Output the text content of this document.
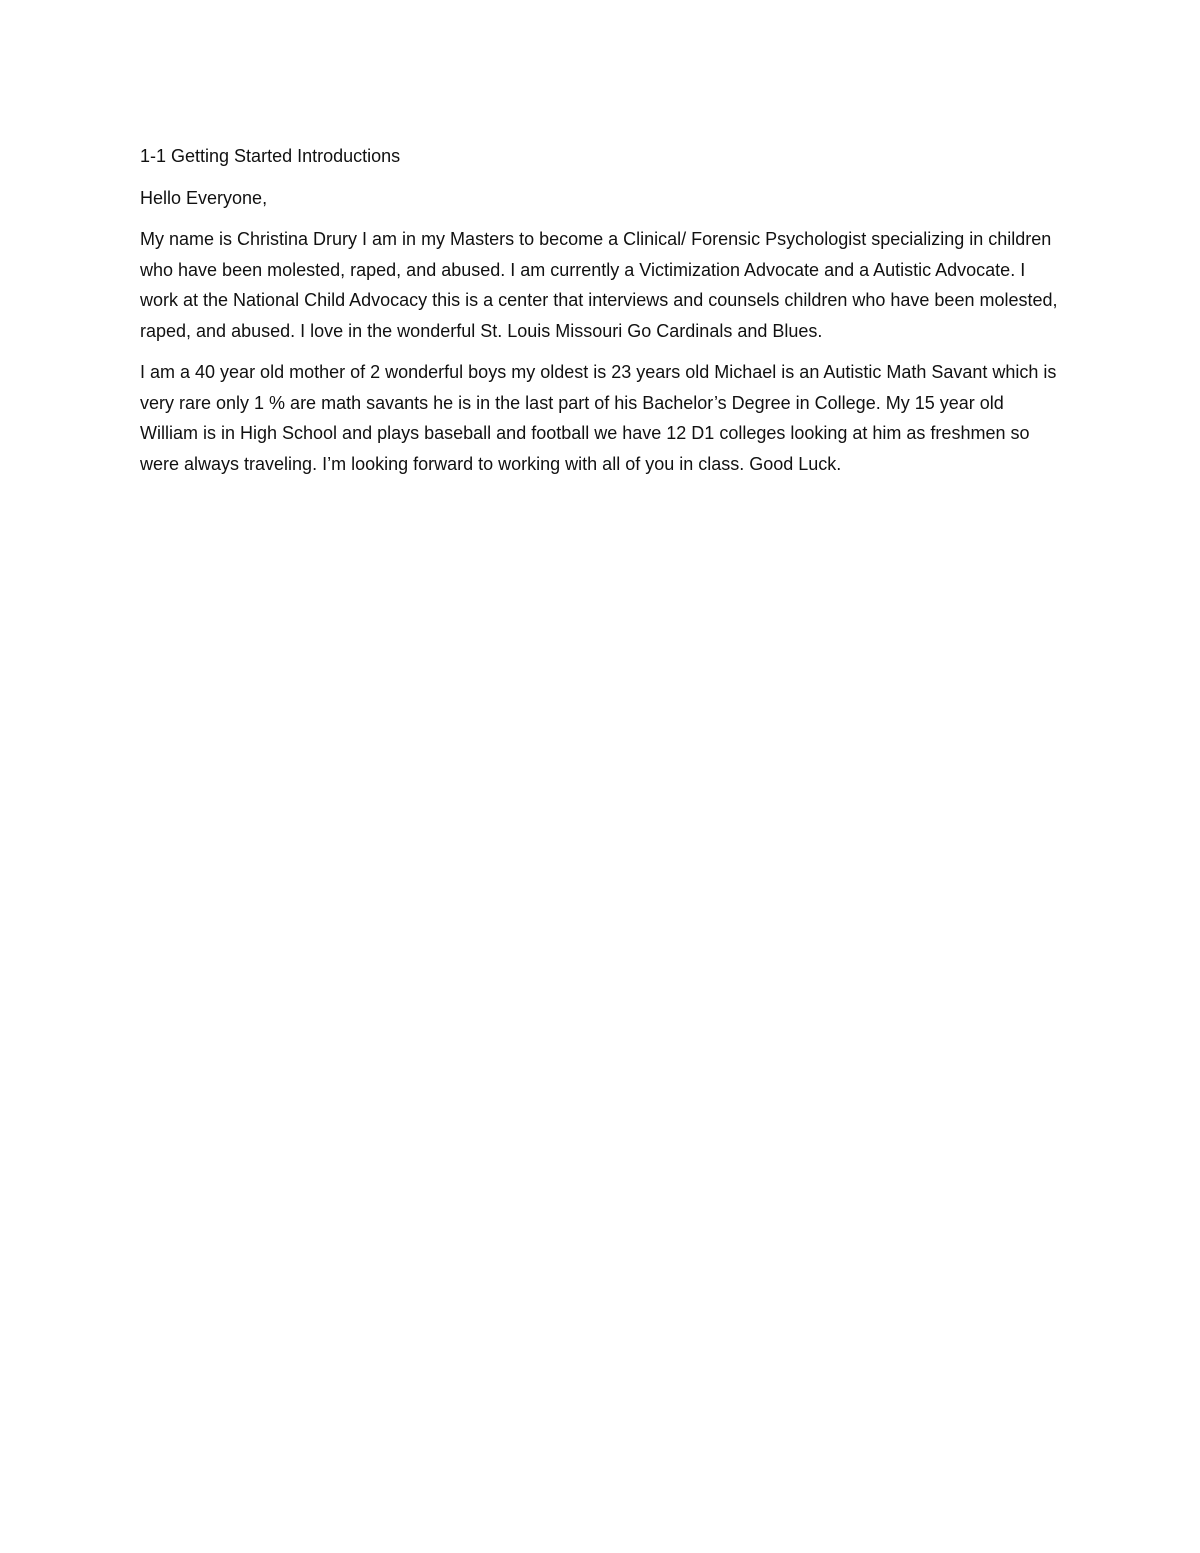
1-1 Getting Started Introductions

Hello Everyone,

My name is Christina Drury I am in my Masters to become a Clinical/ Forensic Psychologist specializing in children who have been molested, raped, and abused. I am currently a Victimization Advocate and a Autistic Advocate. I work at the National Child Advocacy this is a center that interviews and counsels children who have been molested, raped, and abused. I love in the wonderful St. Louis Missouri Go Cardinals and Blues.

I am a 40 year old mother of 2 wonderful boys my oldest is 23 years old Michael is an Autistic Math Savant which is very rare only 1 % are math savants he is in the last part of his Bachelor’s Degree in College. My 15 year old William is in High School and plays baseball and football we have 12 D1 colleges looking at him as freshmen so were always traveling. I’m looking forward to working with all of you in class. Good Luck.
